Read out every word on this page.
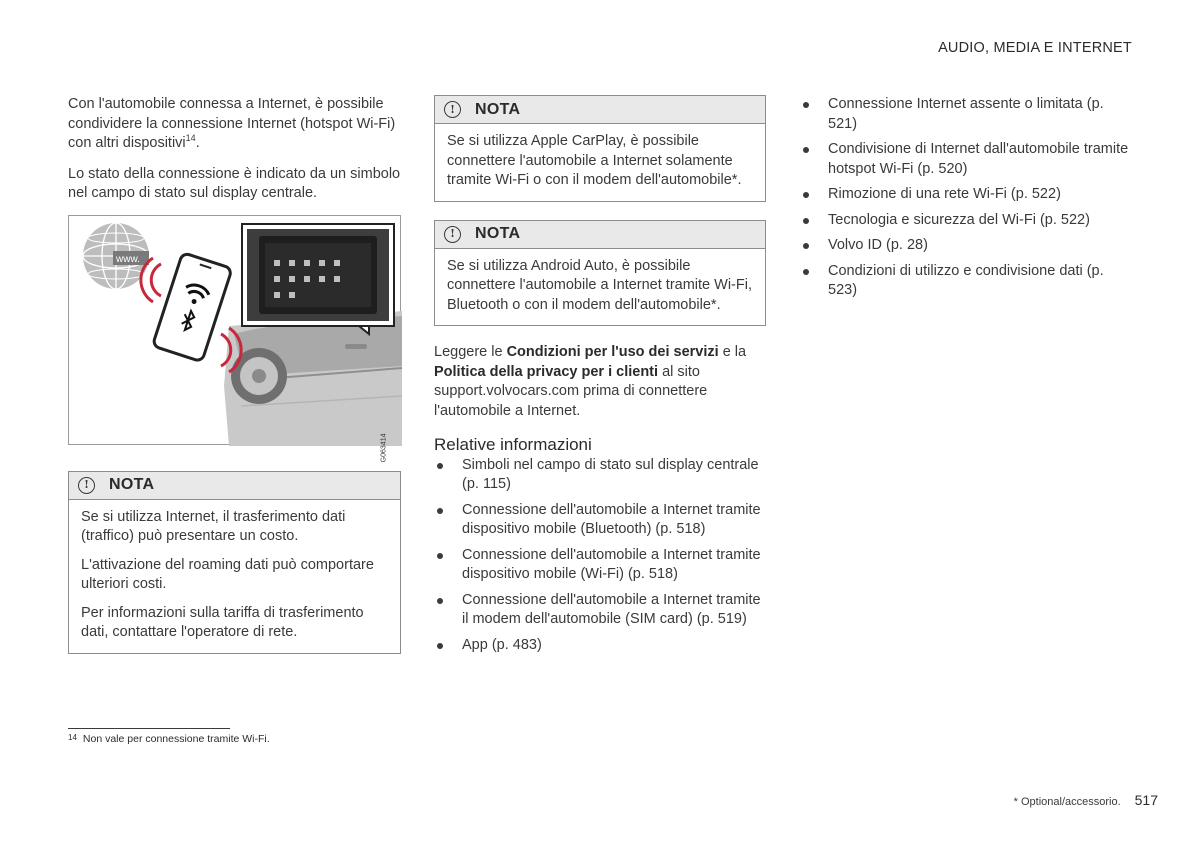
AUDIO, MEDIA E INTERNET

Con l'automobile connessa a Internet, è possibile condividere la connessione Internet (hotspot Wi-Fi) con altri dispositivi$^{14}$.

Lo stato della connessione è indicato da un simbolo nel campo di stato sul display centrale.

www.
G063414
!	NOTA

Se si utilizza Internet, il trasferimento dati (traffico) può presentare un costo.

L'attivazione del roaming dati può comportare ulteriori costi.

Per informazioni sulla tariffa di trasferimento dati, contattare l'operatore di rete.

!	NOTA

Se si utilizza Apple CarPlay, è possibile connettere l'automobile a Internet solamente tramite Wi-Fi o con il modem dell'automobile*.

!	NOTA

Se si utilizza Android Auto, è possibile connettere l'automobile a Internet tramite Wi-Fi, Bluetooth o con il modem dell'automobile*.

Leggere le Condizioni per l'uso dei servizi e la Politica della privacy per i clienti al sito support.volvocars.com prima di connettere l'automobile a Internet.

Relative informazioni
Simboli nel campo di stato sul display centrale (p. 115)
Connessione dell'automobile a Internet tramite dispositivo mobile (Bluetooth) (p. 518)
Connessione dell'automobile a Internet tramite dispositivo mobile (Wi-Fi) (p. 518)
Connessione dell'automobile a Internet tramite il modem dell'automobile (SIM card) (p. 519)
App (p. 483)
Connessione Internet assente o limitata (p. 521)
Condivisione di Internet dall'automobile tramite hotspot Wi-Fi (p. 520)
Rimozione di una rete Wi-Fi (p. 522)
Tecnologia e sicurezza del Wi-Fi (p. 522)
Volvo ID (p. 28)
Condizioni di utilizzo e condivisione dati (p. 523)
14 Non vale per connessione tramite Wi-Fi.
* Optional/accessorio. 517
